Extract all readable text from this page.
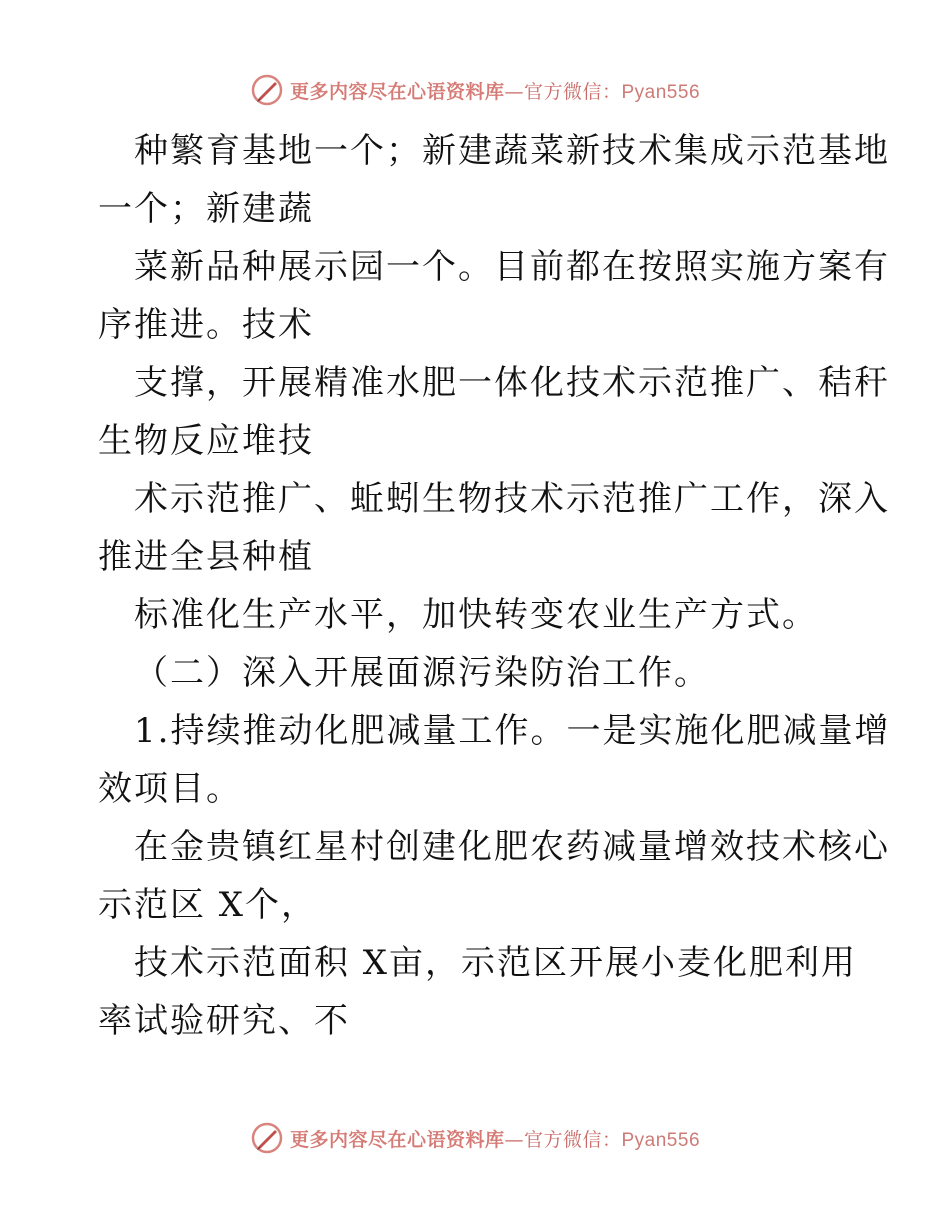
更多内容尽在心语资料库—官方微信：Pyan556
种繁育基地一个；新建蔬菜新技术集成示范基地
一个；新建蔬
菜新品种展示园一个。目前都在按照实施方案有
序推进。技术
支撑，开展精准水肥一体化技术示范推广、秸秆
生物反应堆技
术示范推广、蚯蚓生物技术示范推广工作，深入
推进全县种植
标准化生产水平，加快转变农业生产方式。
（二）深入开展面源污染防治工作。
1.持续推动化肥减量工作。一是实施化肥减量增
效项目。
在金贵镇红星村创建化肥农药减量增效技术核心
示范区 X个，
技术示范面积 X亩，示范区开展小麦化肥利用
率试验研究、不
更多内容尽在心语资料库—官方微信：Pyan556
